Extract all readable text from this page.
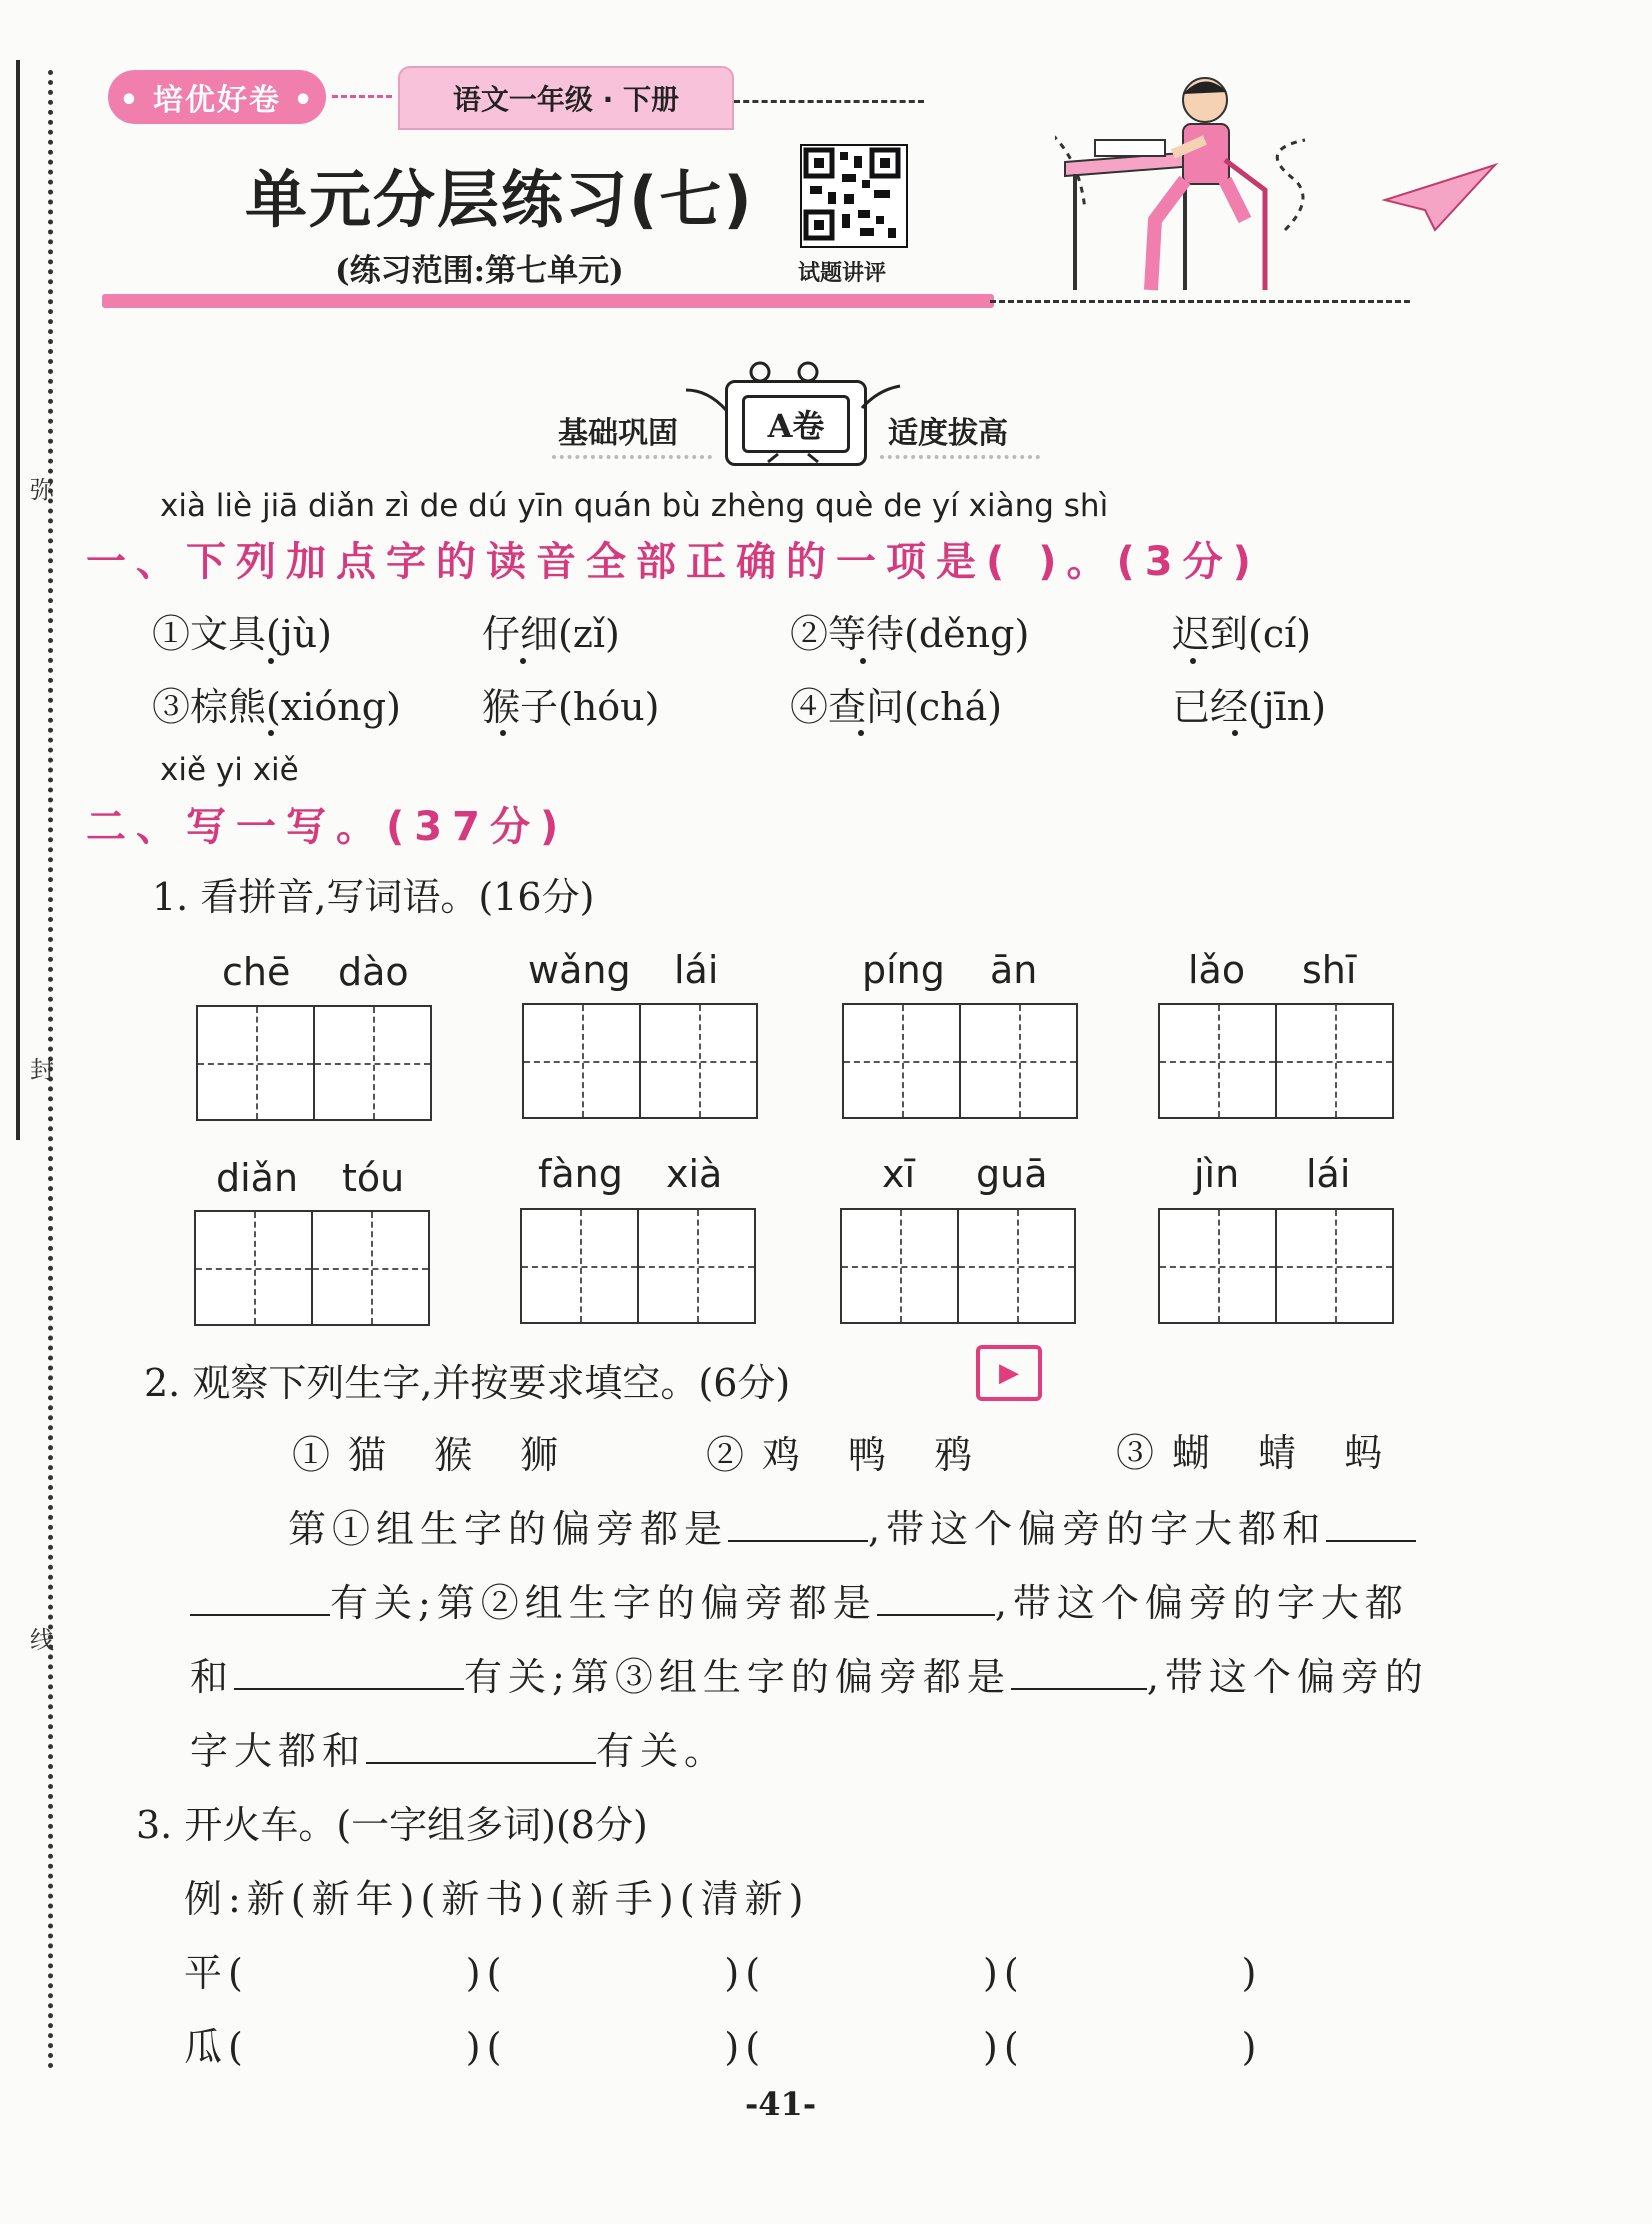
弥
封
线
• 培优好卷 •	语文一年级 · 下册
单元分层练习(七)
(练习范围:第七单元)	试题讲评
基础巩固	A卷	适度拔高
xià liè jiā diǎn zì de dú yīn quán bù zhèng què de yí xiàng shì
一、下列加点字的读音全部正确的一项是( )。(3分)
①文具(jù)	仔细(zǐ)	②等待(děng)	迟到(cí)
③棕熊(xióng) 猴子(hóu)	④查问(chá)	已经(jīn)
xiě yi xiě
二、写一写。(37分)
1. 看拼音,写词语。(16分)
chē dào	wǎng lái	píng ān	lǎo shī
diǎn tóu	fàng xià	xī guā	jìn lái
2. 观察下列生字,并按要求填空。(6分)	▶
①猫 猴 狮	②鸡 鸭 鸦	③蝴 蜻 蚂
第①组生字的偏旁都是	,带这个偏旁的字大都和
有关;第②组生字的偏旁都是	,带这个偏旁的字大都
和	有关;第③组生字的偏旁都是	,带这个偏旁的
字大都和	有关。
3. 开火车。(一字组多词)(8分)
例:新(新年)(新书)(新手)(清新)
平(            )(            )(            )(            )
瓜(            )(            )(            )(            )
-41-
